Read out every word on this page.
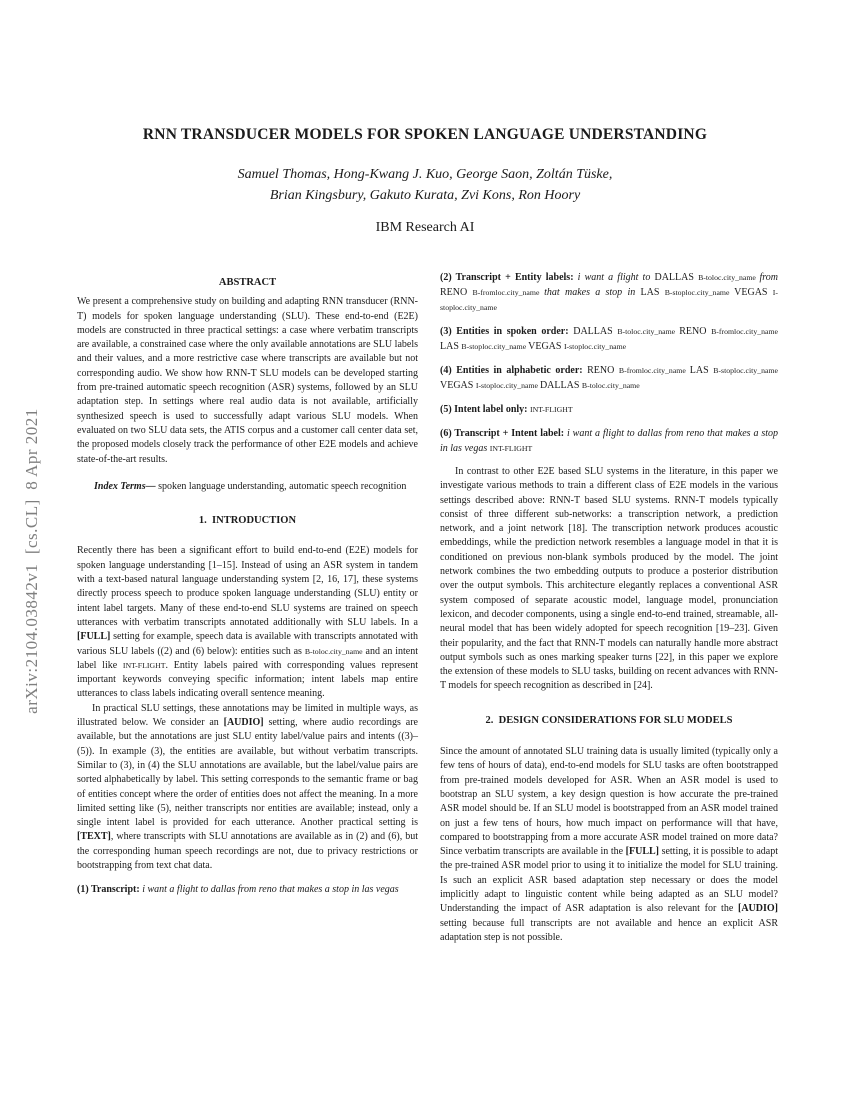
arXiv:2104.03842v1  [cs.CL]  8 Apr 2021
RNN TRANSDUCER MODELS FOR SPOKEN LANGUAGE UNDERSTANDING
Samuel Thomas, Hong-Kwang J. Kuo, George Saon, Zoltán Tüske,
Brian Kingsbury, Gakuto Kurata, Zvi Kons, Ron Hoory
IBM Research AI
ABSTRACT

We present a comprehensive study on building and adapting RNN transducer (RNN-T) models for spoken language understanding (SLU). These end-to-end (E2E) models are constructed in three practical settings: a case where verbatim transcripts are available, a constrained case where the only available annotations are SLU labels and their values, and a more restrictive case where transcripts are available but not corresponding audio. We show how RNN-T SLU models can be developed starting from pre-trained automatic speech recognition (ASR) systems, followed by an SLU adaptation step. In settings where real audio data is not available, artificially synthesized speech is used to successfully adapt various SLU models. When evaluated on two SLU data sets, the ATIS corpus and a customer call center data set, the proposed models closely track the performance of other E2E models and achieve state-of-the-art results.

Index Terms— spoken language understanding, automatic speech recognition

1.  INTRODUCTION

Recently there has been a significant effort to build end-to-end (E2E) models for spoken language understanding [1–15]. Instead of using an ASR system in tandem with a text-based natural language understanding system [2, 16, 17], these systems directly process speech to produce spoken language understanding (SLU) entity or intent label targets. Many of these end-to-end SLU systems are trained on speech utterances with verbatim transcripts annotated additionally with SLU labels. In a [FULL] setting for example, speech data is available with transcripts annotated with various SLU labels ((2) and (6) below): entities such as B-toloc.city_name and an intent label like INT-FLIGHT. Entity labels paired with corresponding values represent important keywords conveying specific information; intent labels map entire utterances to class labels indicating overall sentence meaning.

In practical SLU settings, these annotations may be limited in multiple ways, as illustrated below. We consider an [AUDIO] setting, where audio recordings are available, but the annotations are just SLU entity label/value pairs and intents ((3)–(5)). In example (3), the entities are available, but without verbatim transcripts. Similar to (3), in (4) the SLU annotations are available, but the label/value pairs are sorted alphabetically by label. This setting corresponds to the semantic frame or bag of entities concept where the order of entities does not affect the meaning. In a more limited setting like (5), neither transcripts nor entities are available; instead, only a single intent label is provided for each utterance. Another practical setting is [TEXT], where transcripts with SLU annotations are available as in (2) and (6), but the corresponding human speech recordings are not, due to privacy restrictions or bootstrapping from text chat data.

(1) Transcript: i want a flight to dallas from reno that makes a stop in las vegas

(2) Transcript + Entity labels: i want a flight to DALLAS B-toloc.city_name from RENO B-fromloc.city_name that makes a stop in LAS B-stoploc.city_name VEGAS I-stoploc.city_name

(3) Entities in spoken order: DALLAS B-toloc.city_name RENO B-fromloc.city_name LAS B-stoploc.city_name VEGAS I-stoploc.city_name

(4) Entities in alphabetic order: RENO B-fromloc.city_name LAS B-stoploc.city_name VEGAS I-stoploc.city_name DALLAS B-toloc.city_name

(5) Intent label only: INT-FLIGHT

(6) Transcript + Intent label: i want a flight to dallas from reno that makes a stop in las vegas INT-FLIGHT

In contrast to other E2E based SLU systems in the literature, in this paper we investigate various methods to train a different class of E2E models in the various settings described above: RNN-T based SLU systems. RNN-T models typically consist of three different sub-networks: a transcription network, a prediction network, and a joint network [18]. The transcription network produces acoustic embeddings, while the prediction network resembles a language model in that it is conditioned on previous non-blank symbols produced by the model. The joint network combines the two embedding outputs to produce a posterior distribution over the output symbols. This architecture elegantly replaces a conventional ASR system composed of separate acoustic model, language model, pronunciation lexicon, and decoder components, using a single end-to-end trained, streamable, all-neural model that has been widely adopted for speech recognition [19–23]. Given their popularity, and the fact that RNN-T models can naturally handle more abstract output symbols such as ones marking speaker turns [22], in this paper we explore the extension of these models to SLU tasks, building on recent advances with RNN-T models for speech recognition as described in [24].

2.  DESIGN CONSIDERATIONS FOR SLU MODELS

Since the amount of annotated SLU training data is usually limited (typically only a few tens of hours of data), end-to-end models for SLU tasks are often bootstrapped from pre-trained models developed for ASR. When an ASR model is used to bootstrap an SLU system, a key design question is how accurate the pre-trained ASR model should be. If an SLU model is bootstrapped from an ASR model trained on just a few tens of hours, how much impact on performance will that have, compared to bootstrapping from a more accurate ASR model trained on more data? Since verbatim transcripts are available in the [FULL] setting, it is possible to adapt the pre-trained ASR model prior to using it to initialize the model for SLU training. Is such an explicit ASR based adaptation step necessary or does the model implicitly adapt to linguistic content while being adapted as an SLU model? Understanding the impact of ASR adaptation is also relevant for the [AUDIO] setting because full transcripts are not available and hence an explicit ASR adaptation step is not possible.
